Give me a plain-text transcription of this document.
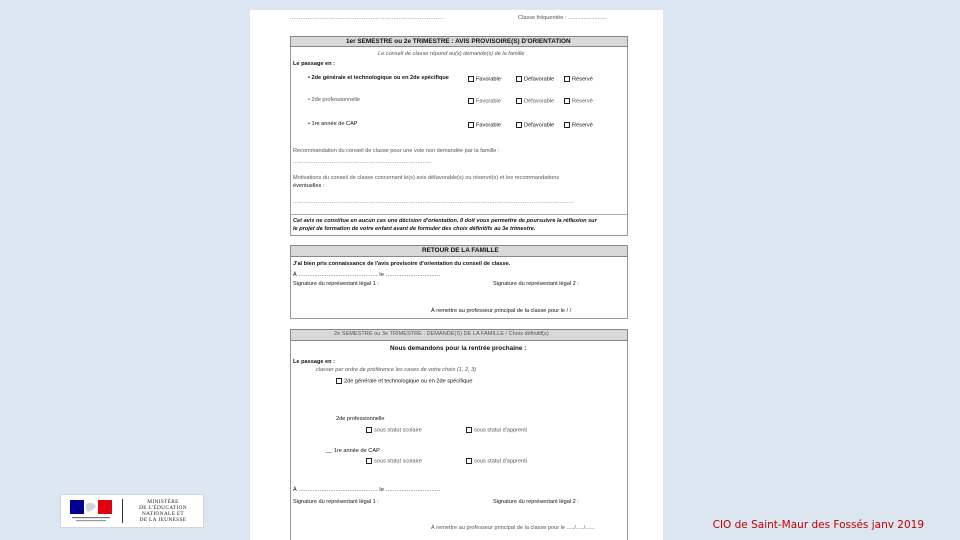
................................................... ....................................	Classe fréquentée : .........................
1er SEMESTRE ou 2e TRIMESTRE : AVIS PROVISOIRE(S) D'ORIENTATION
Le conseil de classe répond au(x) demande(s) de la famille
Le passage en :
• 2de générale et technologique ou en 2de spécifique	Favorable	Défavorable	Réservé
• 2de professionnelle	Favorable	Défavorable	Réservé
• 1re année de CAP	Favorable	Défavorable	Réservé
Recommandation du conseil de classe pour une voie non demandée par la famille :
...............................................................................
Motivations du conseil de classe concernant le(s) avis défavorable(s) ou réservé(s) et les recommandations
éventuelles :
................................................................................................................................................................
Cet avis ne constitue en aucun cas une décision d'orientation. Il doit vous permettre de poursuivre la réflexion sur
le projet de formation de votre enfant avant de formuler des choix définitifs au 3e trimestre.
RETOUR DE LA FAMILLE
J'ai bien pris connaissance de l'avis provisoire d'orientation du conseil de classe.
À ............................................. le ...............................
Signature du représentant légal 1 :	Signature du représentant légal 2 :
À remettre au professeur principal de la classe pour le / /
2e SEMESTRE ou 3e TRIMESTRE : DEMANDE(S) DE LA FAMILLE / Choix définitif(s)
Nous demandons pour la rentrée prochaine :
Le passage en :
classer par ordre de préférence les cases de votre choix (1, 2, 3)
2de générale et technologique ou en 2de spécifique
2de professionnelle
sous statut scolaire	sous statut d'apprenti
__ 1re année de CAP
sous statut scolaire	sous statut d'apprenti
À ............................................. le ...............................
Signature du représentant légal 1 :	Signature du représentant légal 2 :
À remettre au professeur principal de la classe pour le ...../...../......
MINISTÈRE
DE L'ÉDUCATION
NATIONALE ET
DE LA JEUNESSE	CIO de Saint-Maur des Fossés janv 2019
